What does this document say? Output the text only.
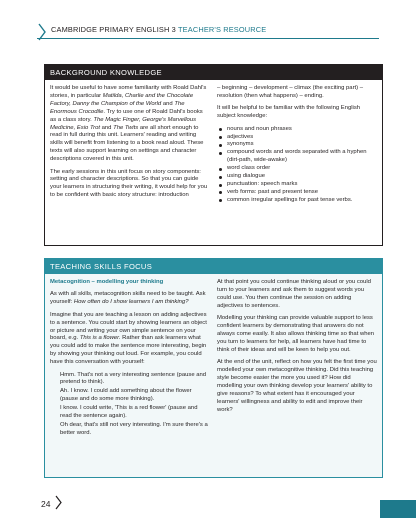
CAMBRIDGE PRIMARY ENGLISH 3 TEACHER'S RESOURCE
BACKGROUND KNOWLEDGE

It would be useful to have some familiarity with Roald Dahl's stories, in particular Matilda, Charlie and the Chocolate Factory, Danny the Champion of the World and The Enormous Crocodile. Try to use one of Roald Dahl's books as a class story. The Magic Finger, George's Marvellous Medicine, Esio Trot and The Twits are all short enough to read in full during this unit. Learners' reading and writing skills will benefit from listening to a book read aloud. These texts will also support learning on settings and character descriptions covered in this unit.

The early sessions in this unit focus on story components: setting and character descriptions. So that you can guide your learners in structuring their writing, it would help for you to be confident with basic story structure: introduction

– beginning – development – climax (the exciting part) – resolution (then what happens) – ending.

It will be helpful to be familiar with the following English subject knowledge:

nouns and noun phrases
adjectives
synonyms
compound words and words separated with a hyphen (dirt-path, wide-awake)
word class order
using dialogue
punctuation: speech marks
verb forms: past and present tense
common irregular spellings for past tense verbs.
TEACHING SKILLS FOCUS

Metacognition – modelling your thinking

As with all skills, metacognition skills need to be taught. Ask yourself: How often do I show learners I am thinking?

Imagine that you are teaching a lesson on adding adjectives to a sentence. You could start by showing learners an object or picture and writing your own simple sentence on your board, e.g. This is a flower. Rather than ask learners what you could add to make the sentence more interesting, begin by showing your thinking out loud. For example, you could have this conversation with yourself:

Hmm. That's not a very interesting sentence (pause and pretend to think).

Ah. I know. I could add something about the flower (pause and do some more thinking).

I know. I could write, 'This is a red flower' (pause and read the sentence again).

Oh dear, that's still not very interesting. I'm sure there's a better word.

At that point you could continue thinking aloud or you could turn to your learners and ask them to suggest words you could use. You then continue the session on adding adjectives to sentences.

Modelling your thinking can provide valuable support to less confident learners by demonstrating that answers do not always come easily. It also allows thinking time so that when you turn to learners for help, all learners have had time to think of their ideas and will be keen to help you out.

At the end of the unit, reflect on how you felt the first time you modelled your own metacognitive thinking. Did this teaching style become easier the more you used it? How did modelling your own thinking develop your learners' ability to give reasons? To what extent has it encouraged your learners' willingness and ability to edit and improve their work?

24
